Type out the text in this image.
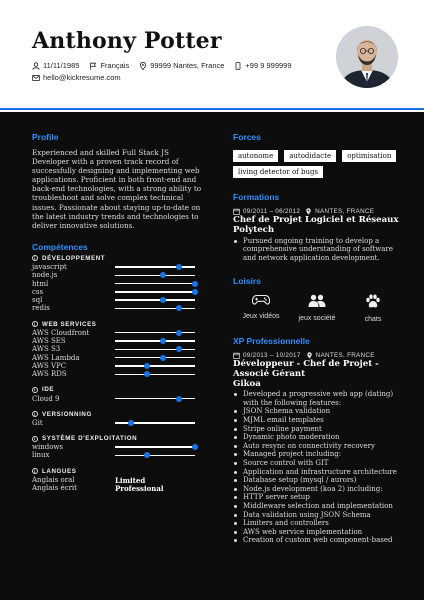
Anthony Potter
11/11/1985	Français	99999 Nantes, France	+99 9 999999
hello@kickresume.com
Profile
Experienced and skilled Full Stack JS Developer with a proven track record of successfully designing and implementing web applications. Proficient in both front-end and back-end technologies, with a strong ability to troubleshoot and solve complex technical issues. Passionate about staying up-to-date on the latest industry trends and technologies to deliver innovative solutions.
Compétences
i DÉVELOPPEMENT
javascript
node.js
html
css
sql
redis
i WEB SERVICES
AWS Cloudfront
AWS SES
AWS S3
AWS Lambda
AWS VPC
AWS RDS
i IDE
Cloud 9
i VERSIONNING
Git
i SYSTÈME D'EXPLOITATION
windows
linux
i LANGUES
Anglais oral	Limited
Anglais écrit	Professional
Forces
autonome	autodidacte	optimisation
living detector of bugs
Formations
09/2011 – 06/2012 NANTES, FRANCE
Chef de Projet Logiciel et Réseaux
Polytech
Pursued ongoing training to develop a comprehensive understanding of software and network application development.
Loisirs
Jeux vidéos	jeux société	chats
XP Professionnelle
09/2013 – 10/2017 NANTES, FRANCE
Développeur - Chef de Projet - Associé Gérant
Gikoa
Developed a progressive web app (dating) with the following features:
JSON Schema validation
MJML email templates
Stripe online payment
Dynamic photo moderation
Auto resync on connectivity recovery
Managed project including:
Source control with GIT
Application and infrastructure architecture
Database setup (mysql / aurors)
Node.js development (koa 2) including:
HTTP server setup
Middleware selection and implementation
Data validation using JSON Schema
Limiters and controllers
AWS web service implementation
Creation of custom web component-based
